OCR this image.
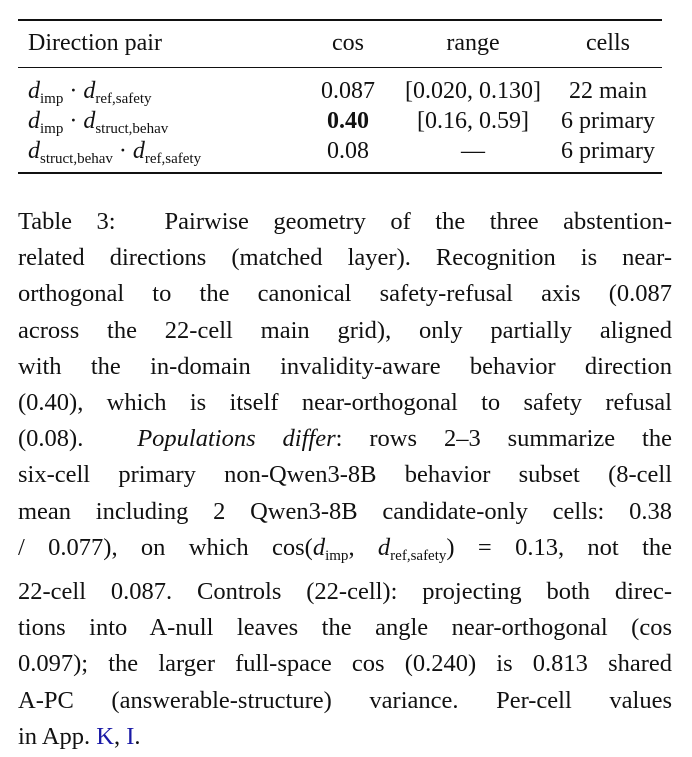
Direction pair	cos	range	cells
$d_{imp} \cdot d_{ref,safety}$	0.087	[0.020, 0.130]	22 main
$d_{imp} \cdot d_{struct,behav}$	0.40	[0.16, 0.59]	6 primary
$d_{struct,behav} \cdot d_{ref,safety}$	0.08	—	6 primary
Table 3: Pairwise geometry of the three abstention-
related directions (matched layer). Recognition is near-
orthogonal to the canonical safety-refusal axis (0.087
across the 22-cell main grid), only partially aligned
with the in-domain invalidity-aware behavior direction
(0.40), which is itself near-orthogonal to safety refusal
(0.08). Populations differ: rows 2–3 summarize the
six-cell primary non-Qwen3-8B behavior subset (8-cell
mean including 2 Qwen3-8B candidate-only cells: 0.38
/ 0.077), on which $\cos(d_{imp}$, $d_{ref,safety}) = 0.13$, not the
22-cell 0.087. Controls (22-cell): projecting both direc-
tions into A-null leaves the angle near-orthogonal (cos
0.097); the larger full-space cos (0.240) is 0.813 shared
A-PC (answerable-structure) variance. Per-cell values
in App. K, I.
